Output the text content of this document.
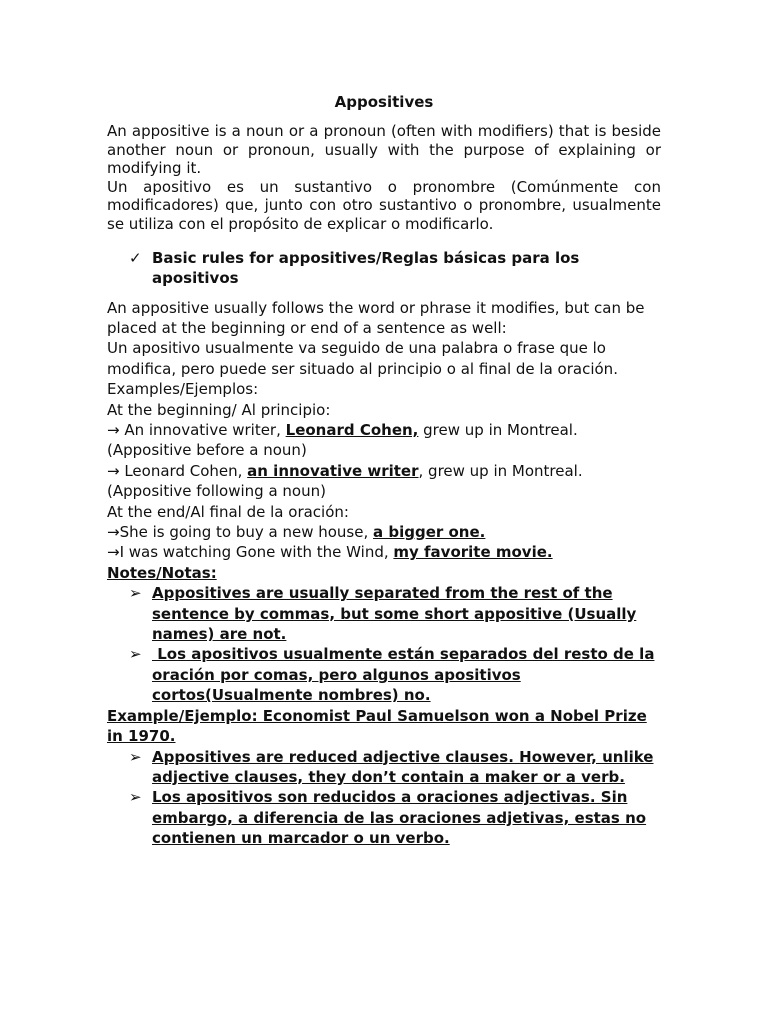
Appositives
An appositive is a noun or a pronoun (often with modifiers) that is beside
another noun or pronoun, usually with the purpose of explaining or
modifying it.
Un apositivo es un sustantivo o pronombre (Comúnmente con
modificadores) que, junto con otro sustantivo o pronombre, usualmente
se utiliza con el propósito de explicar o modificarlo.
✓ Basic rules for appositives/Reglas básicas para los
apositivos
An appositive usually follows the word or phrase it modifies, but can be
placed at the beginning or end of a sentence as well:
Un apositivo usualmente va seguido de una palabra o frase que lo
modifica, pero puede ser situado al principio o al final de la oración.
Examples/Ejemplos:
At the beginning/ Al principio:
→ An innovative writer, Leonard Cohen, grew up in Montreal.
(Appositive before a noun)
→ Leonard Cohen, an innovative writer, grew up in Montreal.
(Appositive following a noun)
At the end/Al final de la oración:
→She is going to buy a new house, a bigger one.
→I was watching Gone with the Wind, my favorite movie.
Notes/Notas:
➢ Appositives are usually separated from the rest of the
sentence by commas, but some short appositive (Usually
names) are not.
➢ Los apositivos usualmente están separados del resto de la
oración por comas, pero algunos apositivos
cortos(Usualmente nombres) no.
Example/Ejemplo: Economist Paul Samuelson won a Nobel Prize
in 1970.
➢ Appositives are reduced adjective clauses. However, unlike
adjective clauses, they don’t contain a maker or a verb.
➢ Los apositivos son reducidos a oraciones adjectivas. Sin
embargo, a diferencia de las oraciones adjetivas, estas no
contienen un marcador o un verbo.
